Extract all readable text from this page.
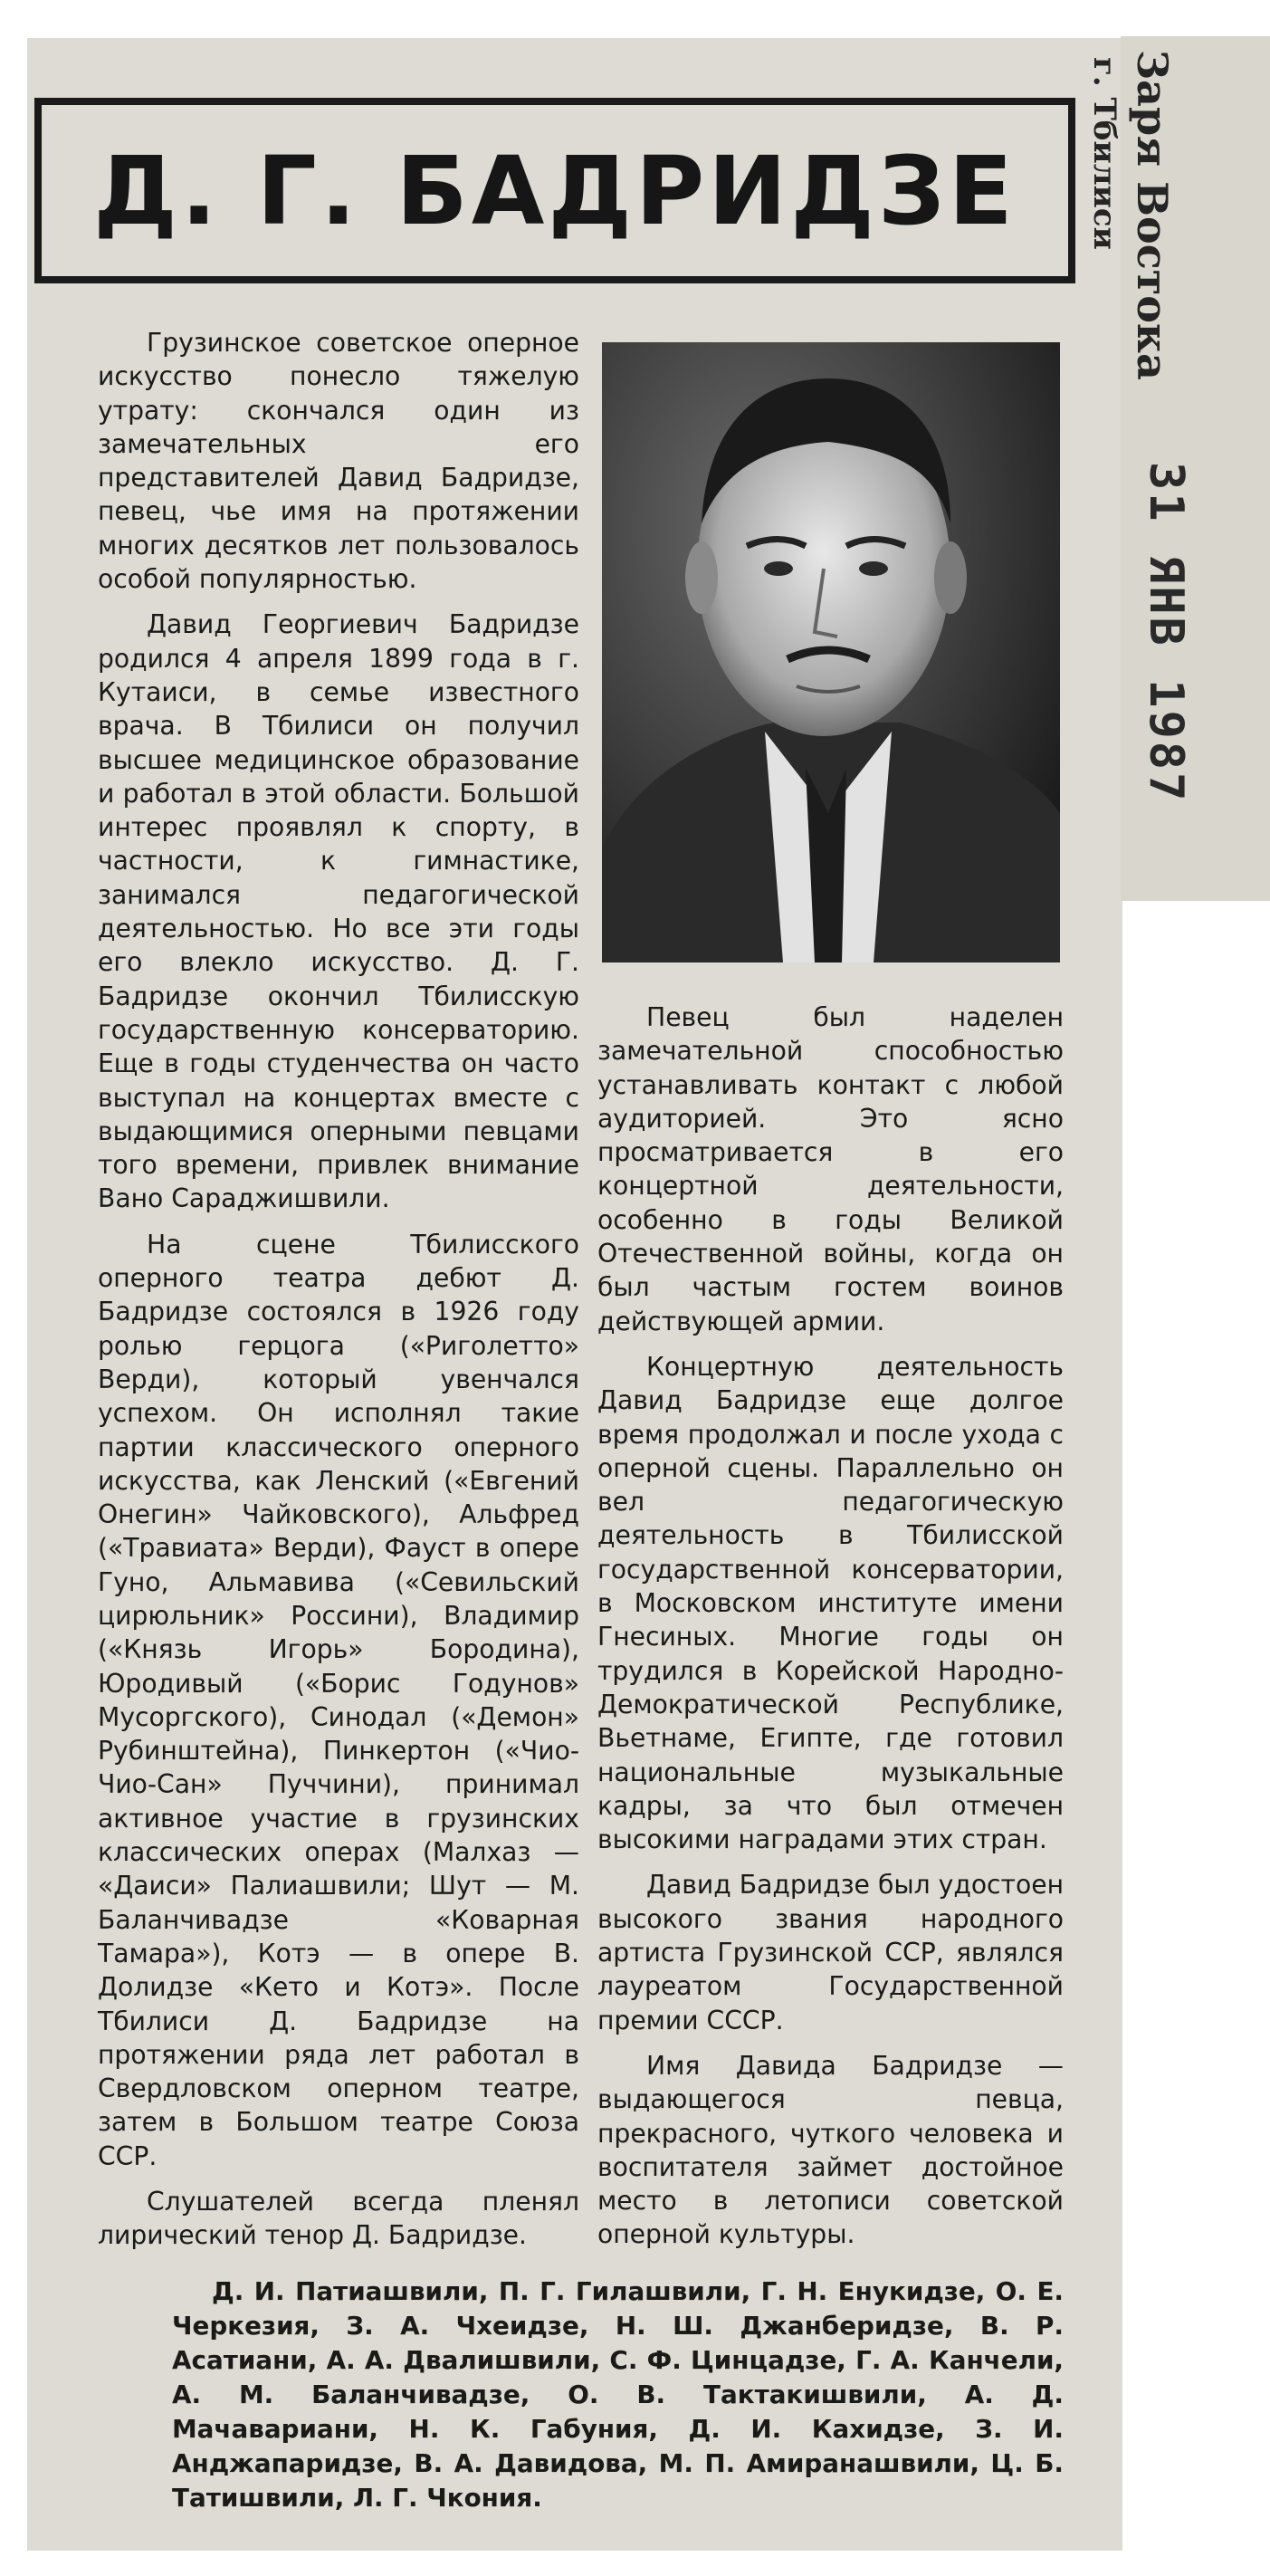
Д. Г. БАДРИДЗЕ	Заря Востока
г. Тбилиси
31 ЯНВ 1987

Грузинское советское оперное искусство понесло тяжелую утрату: скончался один из замечательных его представителей Давид Бадридзе, певец, чье имя на протяжении многих десятков лет пользовалось особой популярностью.

Давид Георгиевич Бадридзе родился 4 апреля 1899 года в г. Кутаиси, в семье известного врача. В Тбилиси он получил высшее медицинское образование и работал в этой области. Большой интерес проявлял к спорту, в частности, к гимнастике, занимался педагогической деятельностью. Но все эти годы его влекло искусство. Д. Г. Бадридзе окончил Тбилисскую государственную консерваторию. Еще в годы студенчества он часто выступал на концертах вместе с выдающимися оперными певцами того времени, привлек внимание Вано Сараджишвили.

На сцене Тбилисского оперного театра дебют Д. Бадридзе состоялся в 1926 году ролью герцога («Риголетто» Верди), который увенчался успехом. Он исполнял такие партии классического оперного искусства, как Ленский («Евгений Онегин» Чайковского), Альфред («Травиата» Верди), Фауст в опере Гуно, Альмавива («Севильский цирюльник» Россини), Владимир («Князь Игорь» Бородина), Юродивый («Борис Годунов» Мусоргского), Синодал («Демон» Рубинштейна), Пинкертон («Чио-Чио-Сан» Пуччини), принимал активное участие в грузинских классических операх (Малхаз — «Даиси» Палиашвили; Шут — М. Баланчивадзе «Коварная Тамара»), Котэ — в опере В. Долидзе «Кето и Котэ». После Тбилиси Д. Бадридзе на протяжении ряда лет работал в Свердловском оперном театре, затем в Большом театре Союза ССР.

Слушателей всегда пленял лирический тенор Д. Бадридзе.

Певец был наделен замечательной способностью устанавливать контакт с любой аудиторией. Это ясно просматривается в его концертной деятельности, особенно в годы Великой Отечественной войны, когда он был частым гостем воинов действующей армии.

Концертную деятельность Давид Бадридзе еще долгое время продолжал и после ухода с оперной сцены. Параллельно он вел педагогическую деятельность в Тбилисской государственной консерватории, в Московском институте имени Гнесиных. Многие годы он трудился в Корейской Народно-Демократической Республике, Вьетнаме, Египте, где готовил национальные музыкальные кадры, за что был отмечен высокими наградами этих стран.

Давид Бадридзе был удостоен высокого звания народного артиста Грузинской ССР, являлся лауреатом Государственной премии СССР.

Имя Давида Бадридзе — выдающегося певца, прекрасного, чуткого человека и воспитателя займет достойное место в летописи советской оперной культуры.

Д. И. Патиашвили, П. Г. Гилашвили, Г. Н. Енукидзе, О. Е. Черкезия, З. А. Чхеидзе, Н. Ш. Джанберидзе, В. Р. Асатиани, А. А. Двалишвили, С. Ф. Цинцадзе, Г. А. Канчели, А. М. Баланчивадзе, О. В. Тактакишвили, А. Д. Мачавариани, Н. К. Габуния, Д. И. Кахидзе, З. И. Анджапаридзе, В. А. Давидова, М. П. Амиранашвили, Ц. Б. Татишвили, Л. Г. Чкония.
